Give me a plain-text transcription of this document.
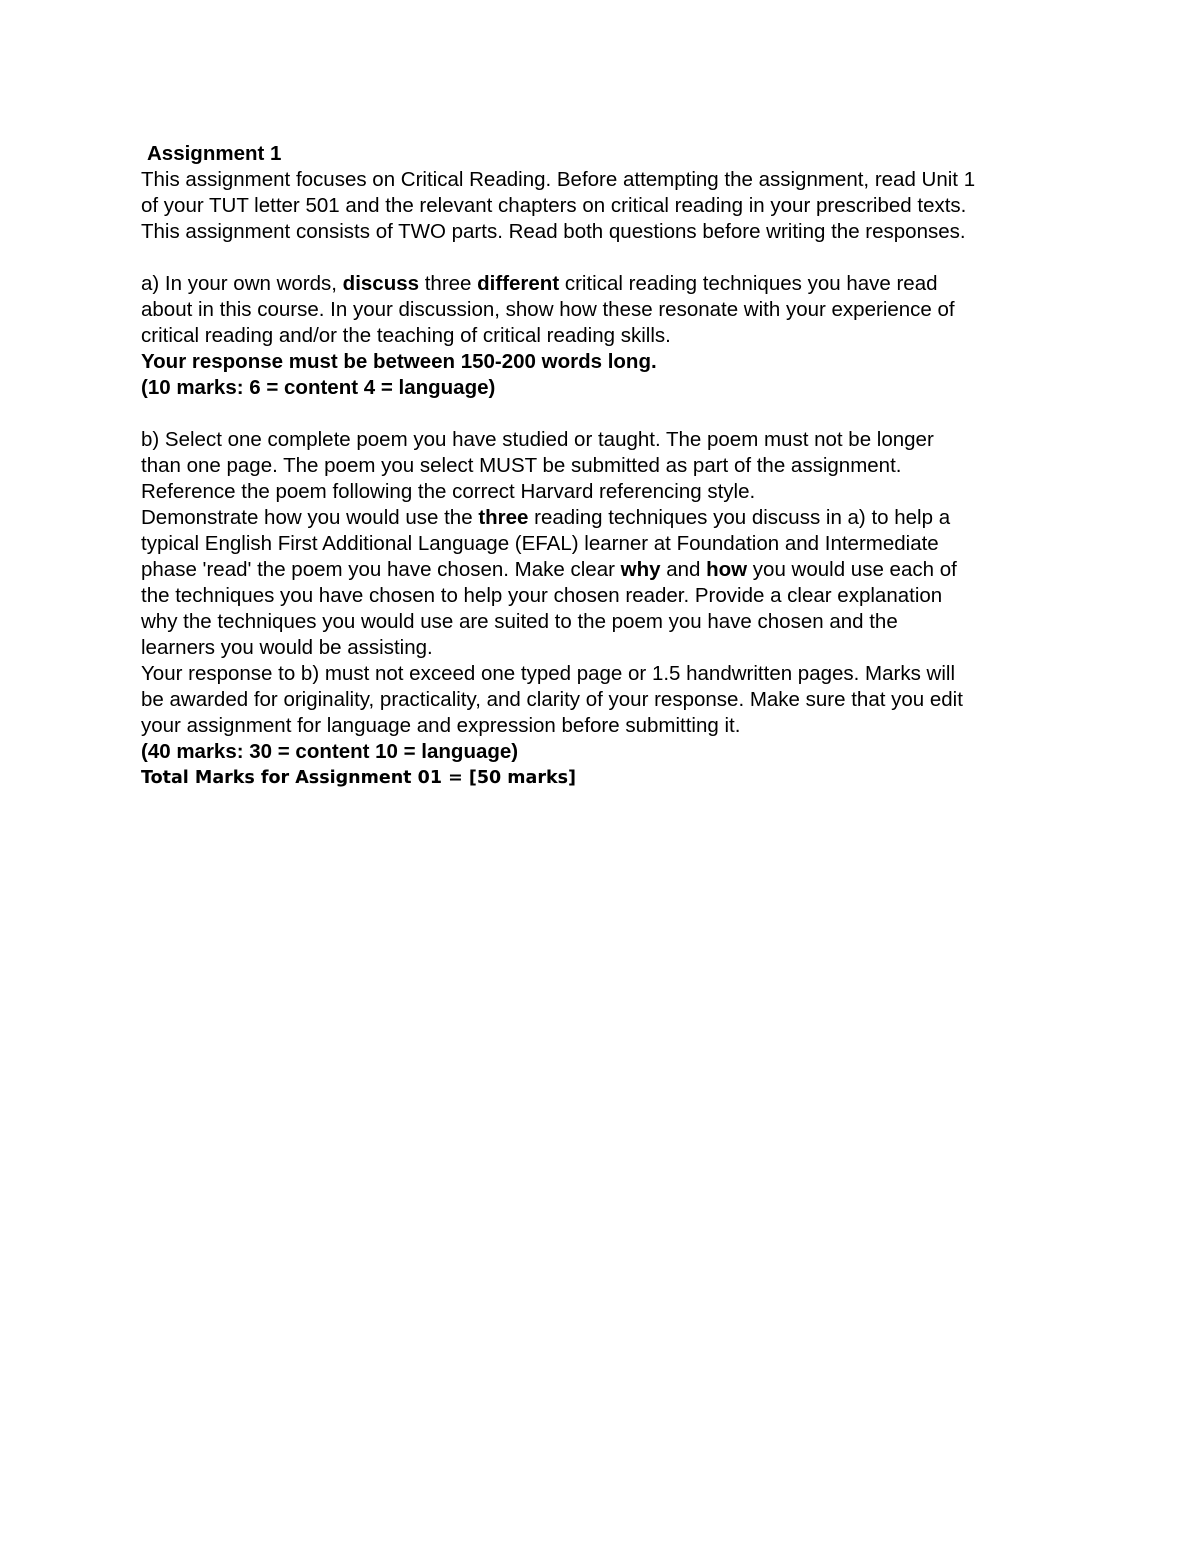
Assignment 1
This assignment focuses on Critical Reading. Before attempting the assignment, read Unit 1
of your TUT letter 501 and the relevant chapters on critical reading in your prescribed texts.
This assignment consists of TWO parts. Read both questions before writing the responses.
a) In your own words, discuss three different critical reading techniques you have read
about in this course. In your discussion, show how these resonate with your experience of
critical reading and/or the teaching of critical reading skills.
Your response must be between 150-200 words long.
(10 marks: 6 = content 4 = language)
b) Select one complete poem you have studied or taught. The poem must not be longer
than one page. The poem you select MUST be submitted as part of the assignment.
Reference the poem following the correct Harvard referencing style.
Demonstrate how you would use the three reading techniques you discuss in a) to help a
typical English First Additional Language (EFAL) learner at Foundation and Intermediate
phase 'read' the poem you have chosen. Make clear why and how you would use each of
the techniques you have chosen to help your chosen reader. Provide a clear explanation
why the techniques you would use are suited to the poem you have chosen and the
learners you would be assisting.
Your response to b) must not exceed one typed page or 1.5 handwritten pages. Marks will
be awarded for originality, practicality, and clarity of your response. Make sure that you edit
your assignment for language and expression before submitting it.
(40 marks: 30 = content 10 = language)
Total Marks for Assignment 01 = [50 marks]
